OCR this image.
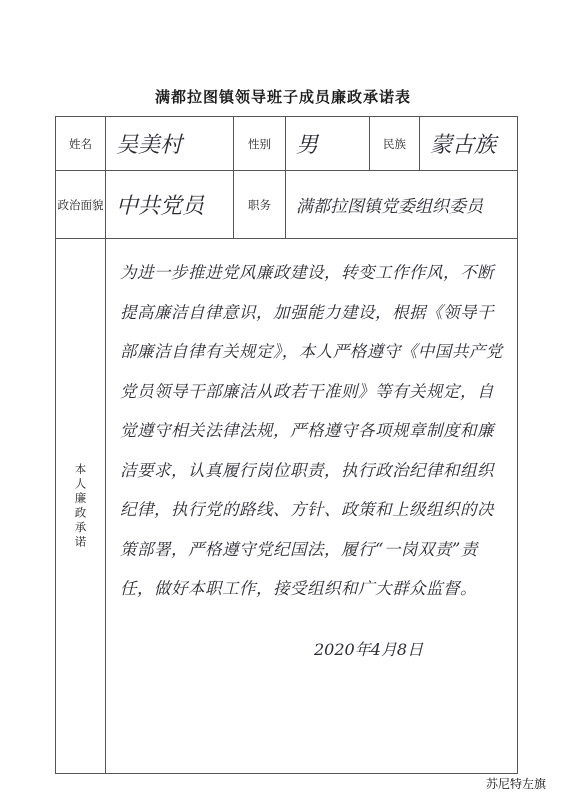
满都拉图镇领导班子成员廉政承诺表
姓名	吴美村	性别	男	民族	蒙古族
政治面貌	中共党员	职务	满都拉图镇党委组织委员		

本人廉政承诺	为进一步推进党风廉政建设，转变工作作风，不断提高廉洁自律意识，加强能力建设，根据《领导干部廉洁自律有关规定》，本人严格遵守《中国共产党党员领导干部廉洁从政若干准则》等有关规定，自觉遵守相关法律法规，严格遵守各项规章制度和廉洁要求，认真履行岗位职责，执行政治纪律和组织纪律，执行党的路线、方针、政策和上级组织的决策部署，严格遵守党纪国法，履行“一岗双责”责任，做好本职工作，接受组织和广大群众监督。
2020年4月8日				
苏尼特左旗
